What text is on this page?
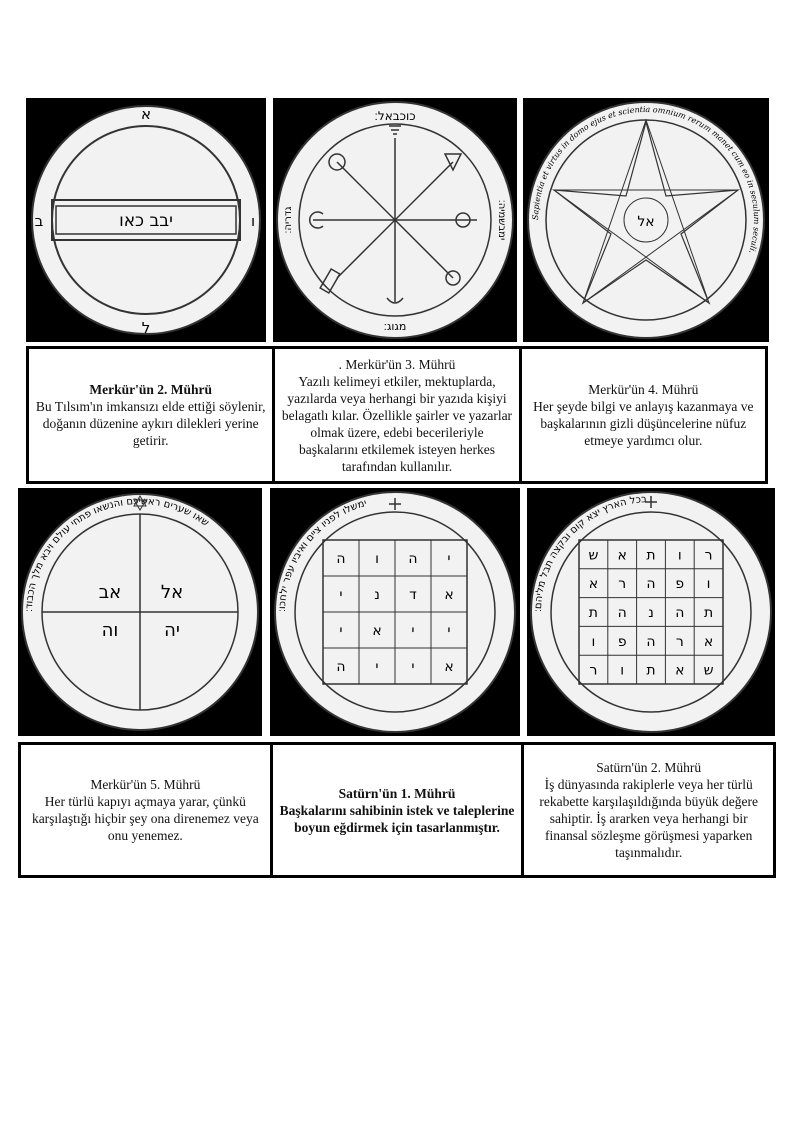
א
ל
ב	ו
יבב כאו
כוכבאל׃
מגוג׃
גדריה׃	ימבשמיה׃	Sapientia et virtus in domo ejus et scientia omnium rerum manet cum eo in seculum seculi.
אל
Merkür'ün 2. Mührü
Bu Tılsım'ın imkansızı elde ettiği söylenir, doğanın düzenine aykırı dilekleri yerine getirir.
. Merkür'ün 3. Mührü
Yazılı kelimeyi etkiler, mektuplarda, yazılarda veya herhangi bir yazıda kişiyi belagatlı kılar. Özellikle şairler ve yazarlar olmak üzere, edebi becerileriyle başkalarını etkilemek isteyen herkes tarafından kullanılır.
Merkür'ün 4. Mührü
Her şeyde bilgi ve anlayış kazanmaya ve başkalarının gizli düşüncelerine nüfuz etmeye yardımcı olur.
שאו שערים ראשיכם והנשאו פתחי עולם ויבא מלך הכבוד׃
אב אל
וה	יה
ימשלו לפניו ציים ואיביו עפר ילחכו׃
ה ו ה י
י נ ד א
י א י י
ה י י א
בכל הארץ יצא קום ובקצה תבל מליהם׃
ש א ת ו ר
א ר ה פ ו
ת ה נ ה ת
ו פ ה ר א
ר ו ת א ש
Merkür'ün 5. Mührü
Her türlü kapıyı açmaya yarar, çünkü karşılaştığı hiçbir şey ona direnemez veya onu yenemez.
Satürn'ün 1. Mührü
Başkalarını sahibinin istek ve taleplerine boyun eğdirmek için tasarlanmıştır.
Satürn'ün 2. Mührü
İş dünyasında rakiplerle veya her türlü rekabette karşılaşıldığında büyük değere sahiptir. İş ararken veya herhangi bir finansal sözleşme görüşmesi yaparken taşınmalıdır.
